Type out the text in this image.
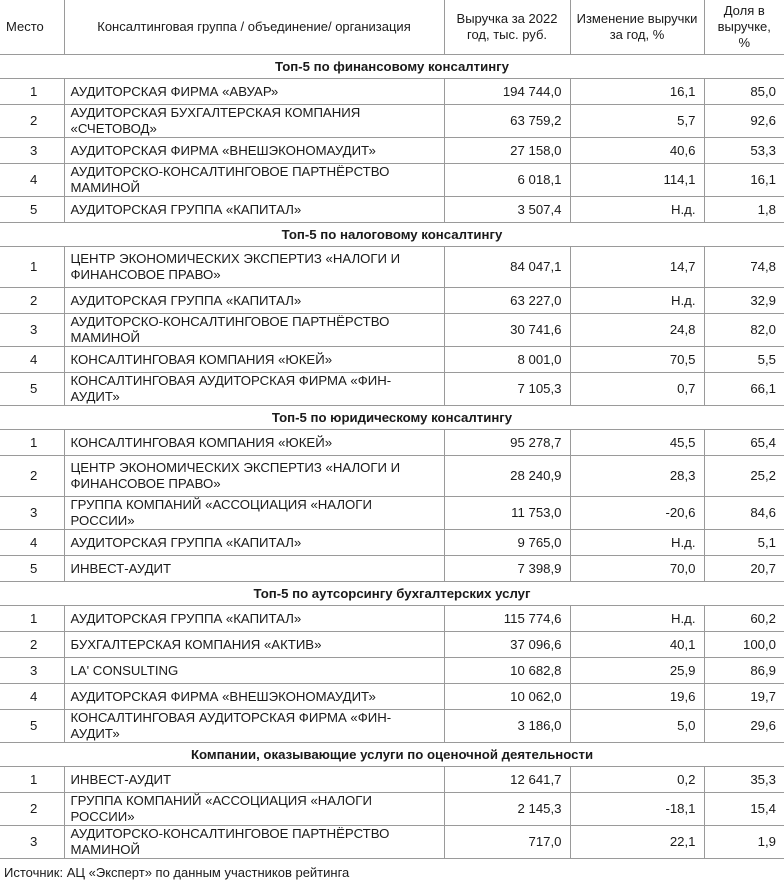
Место	Консалтинговая группа / объединение/ организация	Выручка за 2022 год, тыс. руб.	Изменение выручки за год, %	Доля в выручке, %
Топ-5 по финансовому консалтингу				
1	АУДИТОРСКАЯ ФИРМА «АВУАР»	194 744,0	16,1	85,0
2	АУДИТОРСКАЯ БУХГАЛТЕРСКАЯ КОМПАНИЯ «СЧЕТОВОД»	63 759,2	5,7	92,6
3	АУДИТОРСКАЯ ФИРМА «ВНЕШЭКОНОМАУДИТ»	27 158,0	40,6	53,3
4	АУДИТОРСКО-КОНСАЛТИНГОВОЕ ПАРТНЁРСТВО МАМИНОЙ	6 018,1	114,1	16,1
5	АУДИТОРСКАЯ ГРУППА «КАПИТАЛ»	3 507,4	Н.д.	1,8
Топ-5 по налоговому консалтингу				
1	ЦЕНТР ЭКОНОМИЧЕСКИХ ЭКСПЕРТИЗ «НАЛОГИ И ФИНАНСОВОЕ ПРАВО»	84 047,1	14,7	74,8
2	АУДИТОРСКАЯ ГРУППА «КАПИТАЛ»	63 227,0	Н.д.	32,9
3	АУДИТОРСКО-КОНСАЛТИНГОВОЕ ПАРТНЁРСТВО МАМИНОЙ	30 741,6	24,8	82,0
4	КОНСАЛТИНГОВАЯ КОМПАНИЯ «ЮКЕЙ»	8 001,0	70,5	5,5
5	КОНСАЛТИНГОВАЯ АУДИТОРСКАЯ ФИРМА «ФИН-АУДИТ»	7 105,3	0,7	66,1
Топ-5 по юридическому консалтингу				
1	КОНСАЛТИНГОВАЯ КОМПАНИЯ «ЮКЕЙ»	95 278,7	45,5	65,4
2	ЦЕНТР ЭКОНОМИЧЕСКИХ ЭКСПЕРТИЗ «НАЛОГИ И ФИНАНСОВОЕ ПРАВО»	28 240,9	28,3	25,2
3	ГРУППА КОМПАНИЙ «АССОЦИАЦИЯ «НАЛОГИ РОССИИ»	11 753,0	-20,6	84,6
4	АУДИТОРСКАЯ ГРУППА «КАПИТАЛ»	9 765,0	Н.д.	5,1
5	ИНВЕСТ-АУДИТ	7 398,9	70,0	20,7
Топ-5 по аутсорсингу бухгалтерских услуг				
1	АУДИТОРСКАЯ ГРУППА «КАПИТАЛ»	115 774,6	Н.д.	60,2
2	БУХГАЛТЕРСКАЯ КОМПАНИЯ «АКТИВ»	37 096,6	40,1	100,0
3	LA' CONSULTING	10 682,8	25,9	86,9
4	АУДИТОРСКАЯ ФИРМА «ВНЕШЭКОНОМАУДИТ»	10 062,0	19,6	19,7
5	КОНСАЛТИНГОВАЯ АУДИТОРСКАЯ ФИРМА «ФИН-АУДИТ»	3 186,0	5,0	29,6
Компании, оказывающие услуги по оценочной деятельности				
1	ИНВЕСТ-АУДИТ	12 641,7	0,2	35,3
2	ГРУППА КОМПАНИЙ «АССОЦИАЦИЯ «НАЛОГИ РОССИИ»	2 145,3	-18,1	15,4
3	АУДИТОРСКО-КОНСАЛТИНГОВОЕ ПАРТНЁРСТВО МАМИНОЙ	717,0	22,1	1,9
Источник: АЦ «Эксперт» по данным участников рейтинга
